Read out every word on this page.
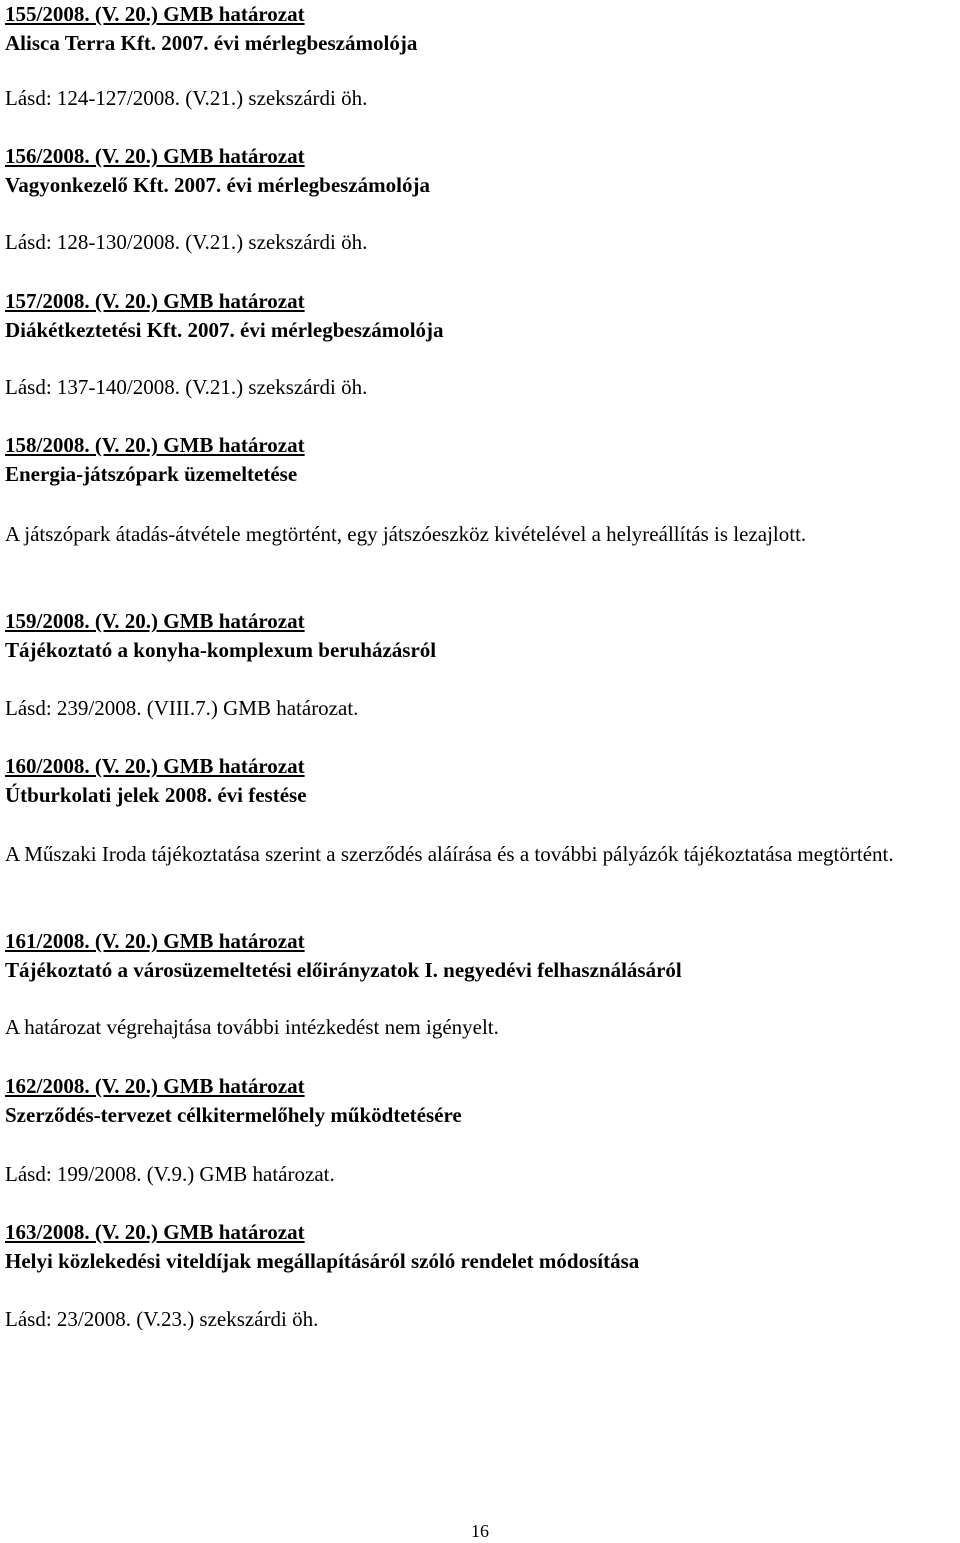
155/2008. (V. 20.) GMB határozat
Alisca Terra Kft. 2007. évi mérlegbeszámolója
Lásd: 124-127/2008. (V.21.) szekszárdi öh.
156/2008. (V. 20.) GMB határozat
Vagyonkezelő Kft. 2007. évi mérlegbeszámolója
Lásd: 128-130/2008. (V.21.) szekszárdi öh.
157/2008. (V. 20.) GMB határozat
Diákétkeztetési Kft. 2007. évi mérlegbeszámolója
Lásd: 137-140/2008. (V.21.) szekszárdi öh.
158/2008. (V. 20.) GMB határozat
Energia-játszópark üzemeltetése
A játszópark átadás-átvétele megtörtént, egy játszóeszköz kivételével a helyreállítás is lezajlott.
159/2008. (V. 20.) GMB határozat
Tájékoztató a konyha-komplexum beruházásról
Lásd: 239/2008. (VIII.7.) GMB határozat.
160/2008. (V. 20.) GMB határozat
Útburkolati jelek 2008. évi festése
A Műszaki Iroda tájékoztatása szerint a szerződés aláírása és a további pályázók tájékoztatása megtörtént.
161/2008. (V. 20.) GMB határozat
Tájékoztató a városüzemeltetési előirányzatok I. negyedévi felhasználásáról
A határozat végrehajtása további intézkedést nem igényelt.
162/2008. (V. 20.) GMB határozat
Szerződés-tervezet célkitermelőhely működtetésére
Lásd: 199/2008. (V.9.) GMB határozat.
163/2008. (V. 20.) GMB határozat
Helyi közlekedési viteldíjak megállapításáról szóló rendelet módosítása
Lásd: 23/2008. (V.23.) szekszárdi öh.
16
